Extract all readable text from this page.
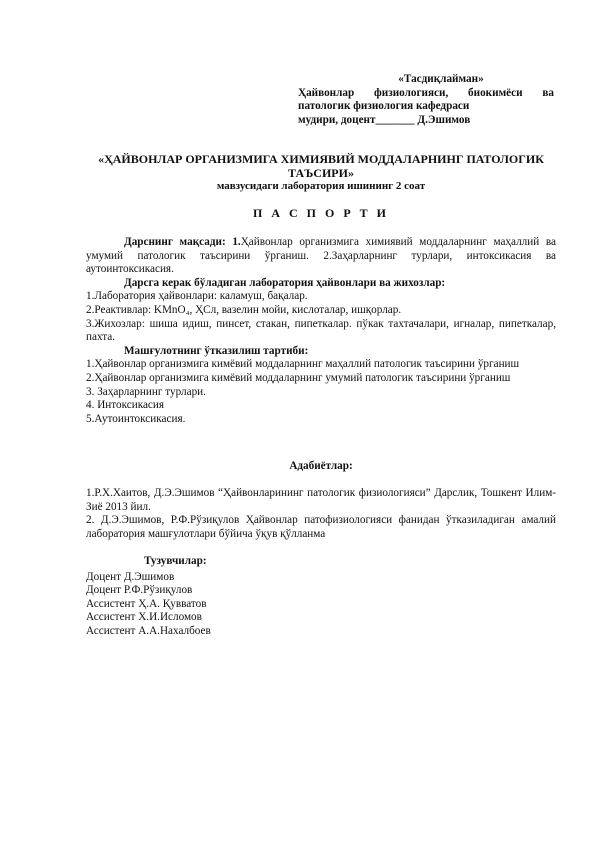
«Тасдиқлайман»
Ҳайвонлар физиологияси, биокимёси ва
патологик физиология кафедраси
мудири, доцент_______ Д.Эшимов
«ҲАЙВОНЛАР ОРГАНИЗМИГА ХИМИЯВИЙ МОДДАЛАРНИНГ ПАТОЛОГИК
ТАЪСИРИ»
мавзусидаги лаборатория ишининг 2 соат
П А С П О Р Т И

Дарснинг мақсади: 1.Ҳайвонлар организмига химиявий моддаларнинг маҳаллий ва умумий патологик таъсирини ўрганиш. 2.Заҳарларнинг турлари, интоксикасия ва аутоинтоксикасия.

Дарсга керак бўладиган лаборатория ҳайвонлари ва жихозлар:

1.Лаборатория ҳайвонлари: каламуш, бақалар.

2.Реактивлар: KMnO₄, ҲСл, вазелин мойи, кислоталар, ишқорлар.

3.Жихозлар: шиша идиш, пинсет, стакан, пипеткалар. пўкак тахтачалари, игналар, пипеткалар, пахта.

Машғулотнинг ўтказилиш тартиби:

1.Ҳайвонлар организмига кимёвий моддаларнинг маҳаллий патологик таъсирини ўрганиш

2.Ҳайвонлар организмига кимёвий моддаларнинг умумий патологик таъсирини ўрганиш

3. Заҳарларнинг турлари.

4. Интоксикасия

5.Аутоинтоксикасия.

Адабиётлар:

1.Р.Х.Хаитов, Д.Э.Эшимов “Ҳайвонларининг патологик физиологияси” Дарслик, Тошкент Илим-Зиё 2013 йил.

2. Д.Э.Эшимов, Р.Ф.Рўзиқулов Ҳайвонлар патофизиологияси фанидан ўтказиладиган амалий лаборатория машғулотлари бўйича ўқув қўлланма

Тузувчилар:

Доцент Д.Эшимов

Доцент Р.Ф.Рўзиқулов

Ассистент Ҳ.А. Қувватов

Ассистент Х.И.Исломов

Ассистент А.А.Нахалбоев
